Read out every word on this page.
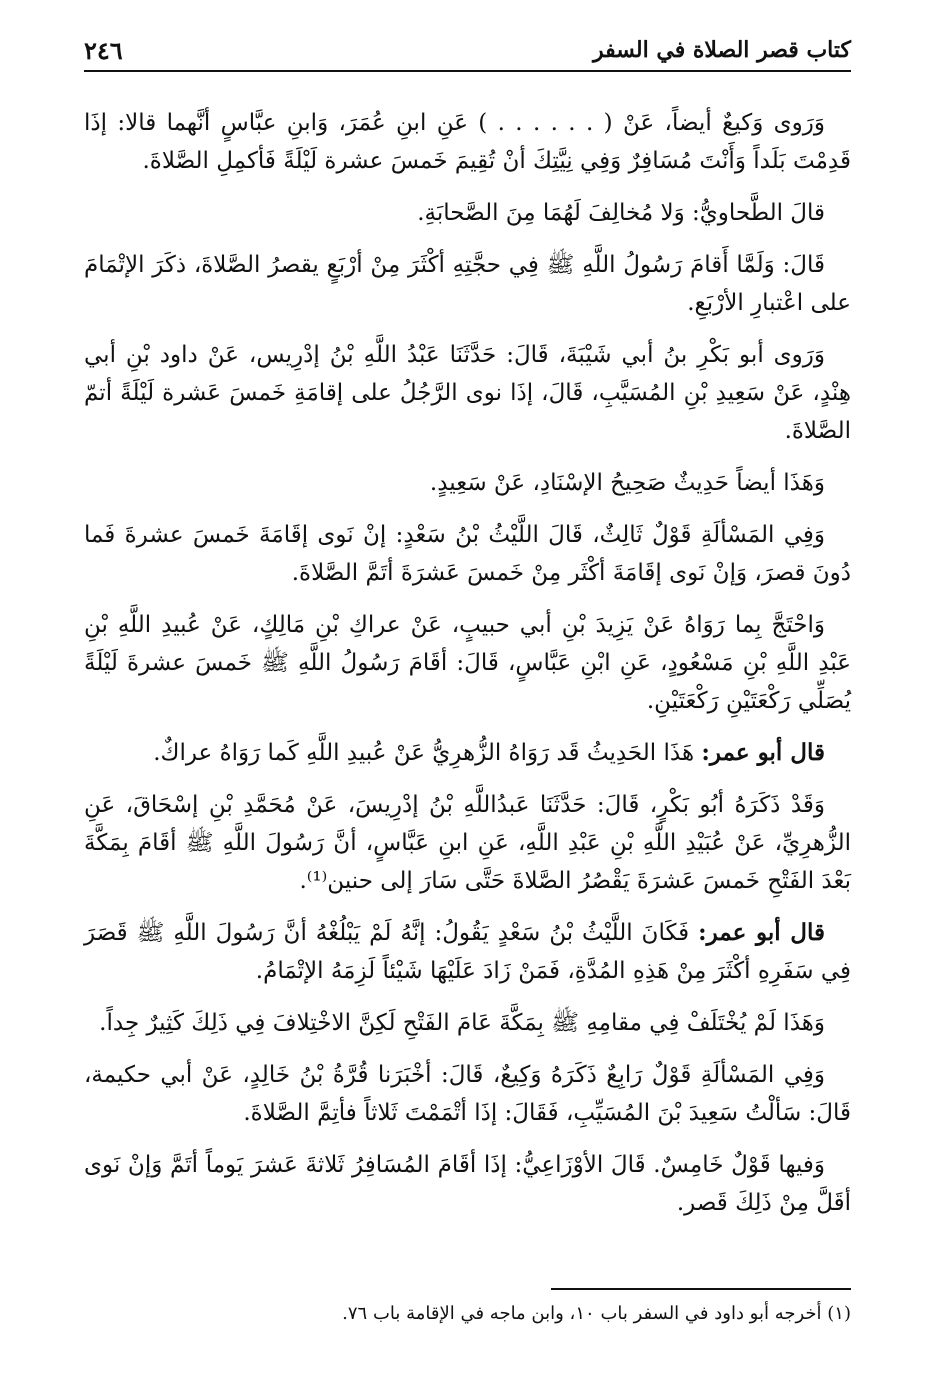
كتاب قصر الصلاة في السفر
٢٤٦

وَرَوى وَكيعٌ أيضاً، عَنْ ( . . . . . . ) عَنِ ابنِ عُمَرَ، وَابنِ عبَّاسٍ أنَّهما قالا: إذَا قَدِمْتَ بَلَداً وَأَنْتَ مُسَافِرٌ وَفِي نِيَّتِكَ أنْ تُقِيمَ خَمسَ عشرة لَيْلَةً فَأكمِلِ الصَّلاةَ.

قالَ الطَّحاويُّ: وَلا مُخالِفَ لَهُمَا مِنَ الصَّحابَةِ.

قَالَ: وَلَمَّا أَقامَ رَسُولُ اللَّهِ ﷺ فِي حجَّتِهِ أكْثَرَ مِنْ أرْبَعٍ يقصرُ الصَّلاةَ، ذكَرَ الإتْمَامَ على اعْتبارِ الأرْبَعِ.

وَرَوى أبو بَكْرِ بنُ أبي شَيْبَةَ، قَالَ: حَدَّثَنَا عَبْدُ اللَّهِ بْنُ إدْرِيس، عَنْ داود بْنِ أبي هِنْدٍ، عَنْ سَعِيدِ بْنِ المُسَيَّبِ، قَالَ، إذَا نوى الرَّجُلُ على إقامَةِ خَمسَ عَشرة لَيْلَةً أتمّ الصَّلاةَ.

وَهَذَا أيضاً حَدِيثٌ صَحِيحُ الإسْنَادِ، عَنْ سَعِيدٍ.

وَفِي المَسْألَةِ قَوْلٌ ثَالِثٌ، قَالَ اللَّيْثُ بْنُ سَعْدٍ: إنْ نَوى إقَامَةَ خَمسَ عشرةَ فَما دُونَ قصرَ، وَإنْ نَوى إقَامَةَ أكْثَر مِنْ خَمسَ عَشرَةَ أتَمَّ الصَّلاةَ.

وَاحْتَجَّ بِما رَوَاهُ عَنْ يَزِيدَ بْنِ أبي حبيبٍ، عَنْ عراكِ بْنِ مَالِكٍ، عَنْ عُبيدِ اللَّهِ بْنِ عَبْدِ اللَّهِ بْنِ مَسْعُودٍ، عَنِ ابْنِ عَبَّاسٍ، قَالَ: أقَامَ رَسُولُ اللَّهِ ﷺ خَمسَ عشرةَ لَيْلَةً يُصَلِّي رَكْعَتَيْنِ رَكْعَتَيْنِ.

قال أبو عمر: هَذَا الحَدِيثُ قَد رَوَاهُ الزُّهرِيُّ عَنْ عُبيدِ اللَّهِ كَما رَوَاهُ عراكٌ.

وَقَدْ ذَكَرَهُ أبُو بَكْرٍ، قَالَ: حَدَّثَنَا عَبدُاللَّهِ بْنُ إدْرِيسَ، عَنْ مُحَمَّدِ بْنِ إسْحَاقَ، عَنِ الزُّهرِيِّ، عَنْ عُبَيْدِ اللَّهِ بْنِ عَبْدِ اللَّهِ، عَنِ ابنِ عَبَّاسٍ، أنَّ رَسُولَ اللَّهِ ﷺ أقَامَ بِمَكَّةَ بَعْدَ الفَتْحِ خَمسَ عَشرَةَ يَقْصُرُ الصَّلاةَ حَتَّى سَارَ إلى حنين⁽¹⁾.

قال أبو عمر: فَكَانَ اللَّيْثُ بْنُ سَعْدٍ يَقُولُ: إنَّهُ لَمْ يَبْلُغْهُ أنَّ رَسُولَ اللَّهِ ﷺ قَصَرَ فِي سَفَرِهِ أكْثَرَ مِنْ هَذِهِ المُدَّةِ، فَمَنْ زَادَ عَلَيْهَا شَيْئاً لَزِمَهُ الإتْمَامُ.

وَهَذَا لَمْ يُخْتَلَفْ فِي مقامِهِ ﷺ بِمَكَّةَ عَامَ الفَتْحِ لَكِنَّ الاخْتِلافَ فِي ذَلِكَ كَثِيرٌ جِداً.

وَفِي المَسْألَةِ قَوْلٌ رَابِعٌ ذَكَرَهُ وَكِيعٌ، قَالَ: أخْبَرَنا قُرَّةُ بْنُ خَالِدٍ، عَنْ أبي حكيمة، قَالَ: سَألْتُ سَعِيدَ بْنَ المُسَيِّبِ، فَقَالَ: إذَا أتْمَمْتَ ثَلاثاً فأتِمَّ الصَّلاةَ.

وَفيها قَوْلٌ خَامِسٌ. قَالَ الأوْزَاعِيُّ: إذَا أقَامَ المُسَافِرُ ثَلاثةَ عَشرَ يَوماً أتَمَّ وَإنْ نَوى أقَلَّ مِنْ ذَلِكَ قَصر.

(١) أخرجه أبو داود في السفر باب ١٠، وابن ماجه في الإقامة باب ٧٦.
